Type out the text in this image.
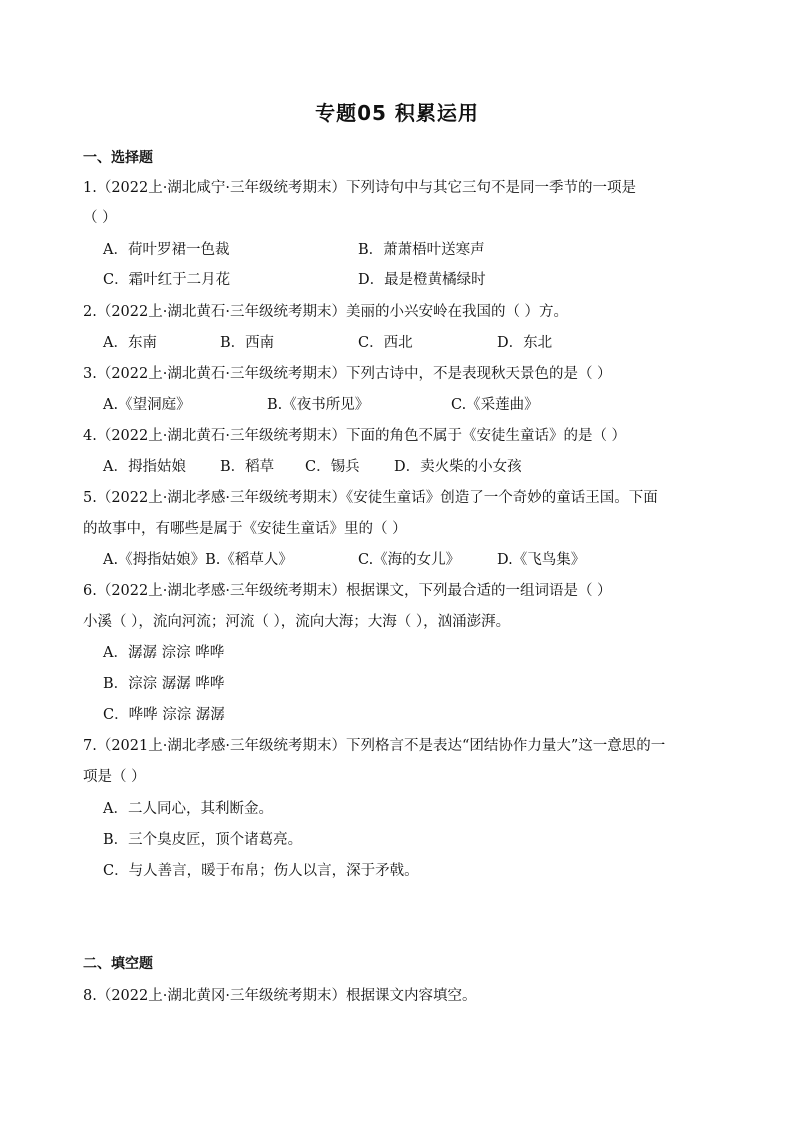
专题05 积累运用
一、选择题
1.（2022上·湖北咸宁·三年级统考期末）下列诗句中与其它三句不是同一季节的一项是
（ ）
A．荷叶罗裙一色裁	B．萧萧梧叶送寒声
C．霜叶红于二月花	D．最是橙黄橘绿时
2.（2022上·湖北黄石·三年级统考期末）美丽的小兴安岭在我国的（ ）方。
A．东南	B．西南	C．西北	D．东北
3.（2022上·湖北黄石·三年级统考期末）下列古诗中，不是表现秋天景色的是（ ）
A.《望洞庭》	B.《夜书所见》	C.《采莲曲》
4.（2022上·湖北黄石·三年级统考期末）下面的角色不属于《安徒生童话》的是（ ）
A．拇指姑娘 B．稻草 C．锡兵 D．卖火柴的小女孩
5.（2022上·湖北孝感·三年级统考期末）《安徒生童话》创造了一个奇妙的童话王国。下面
的故事中，有哪些是属于《安徒生童话》里的（ ）
A.《拇指姑娘》B.《稻草人》	C.《海的女儿》	D.《飞鸟集》
6.（2022上·湖北孝感·三年级统考期末）根据课文，下列最合适的一组词语是（ ）
小溪（ ），流向河流；河流（ ），流向大海；大海（ ），汹涌澎湃。
A．潺潺 淙淙 哗哗
B．淙淙 潺潺 哗哗
C．哗哗 淙淙 潺潺
7.（2021上·湖北孝感·三年级统考期末）下列格言不是表达“团结协作力量大”这一意思的一
项是（ ）
A．二人同心，其利断金。
B．三个臭皮匠，顶个诸葛亮。
C．与人善言，暖于布帛；伤人以言，深于矛戟。
二、填空题
8.（2022上·湖北黄冈·三年级统考期末）根据课文内容填空。
